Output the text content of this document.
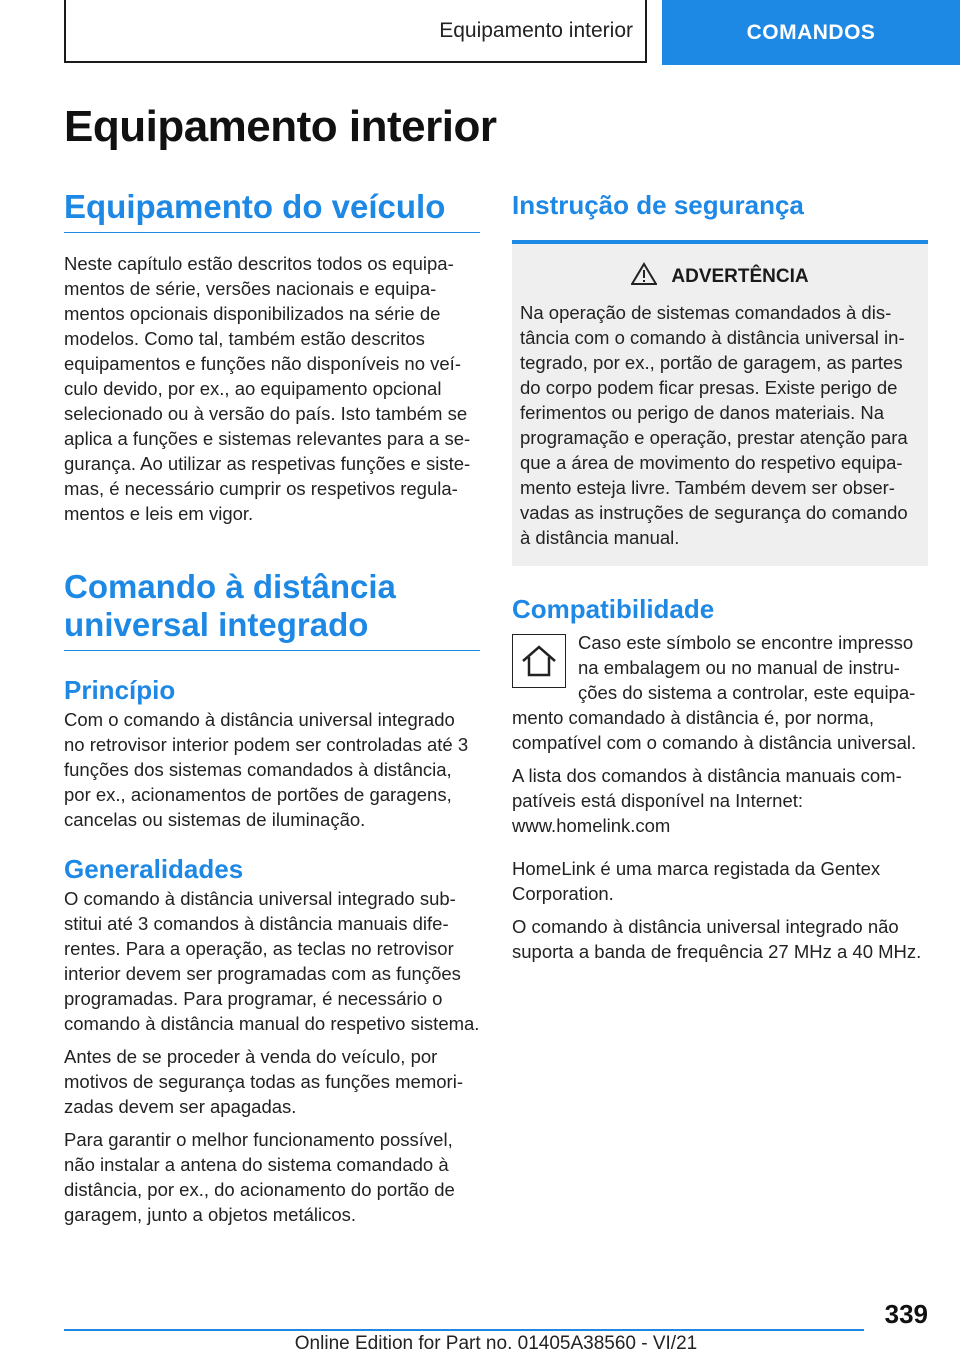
Equipamento interior	COMANDOS
Equipamento interior
Equipamento do veículo

Neste capítulo estão descritos todos os equipamentos de série, versões nacionais e equipamentos opcionais disponibilizados na série de modelos. Como tal, também estão descritos equipamentos e funções não disponíveis no veículo devido, por ex., ao equipamento opcional selecionado ou à versão do país. Isto também se aplica a funções e sistemas relevantes para a segurança. Ao utilizar as respetivas funções e sistemas, é necessário cumprir os respetivos regulamentos e leis em vigor.

Comando à distância universal integrado
Princípio

Com o comando à distância universal integrado no retrovisor interior podem ser controladas até 3 funções dos sistemas comandados à distância, por ex., acionamentos de portões de garagens, cancelas ou sistemas de iluminação.

Generalidades

O comando à distância universal integrado substitui até 3 comandos à distância manuais diferentes. Para a operação, as teclas no retrovisor interior devem ser programadas com as funções programadas. Para programar, é necessário o comando à distância manual do respetivo sistema.

Antes de se proceder à venda do veículo, por motivos de segurança todas as funções memorizadas devem ser apagadas.

Para garantir o melhor funcionamento possível, não instalar a antena do sistema comandado à distância, por ex., do acionamento do portão de garagem, junto a objetos metálicos.

Instrução de segurança
ADVERTÊNCIA

Na operação de sistemas comandados à distância com o comando à distância universal integrado, por ex., portão de garagem, as partes do corpo podem ficar presas. Existe perigo de ferimentos ou perigo de danos materiais. Na programação e operação, prestar atenção para que a área de movimento do respetivo equipamento esteja livre. Também devem ser observadas as instruções de segurança do comando à distância manual.

Compatibilidade

Caso este símbolo se encontre impresso na embalagem ou no manual de instruções do sistema a controlar, este equipamento comandado à distância é, por norma, compatível com o comando à distância universal.

A lista dos comandos à distância manuais compatíveis está disponível na Internet:

www.homelink.com

HomeLink é uma marca registada da Gentex Corporation.

O comando à distância universal integrado não suporta a banda de frequência 27 MHz a 40 MHz.

339
Online Edition for Part no. 01405A38560 - VI/21
